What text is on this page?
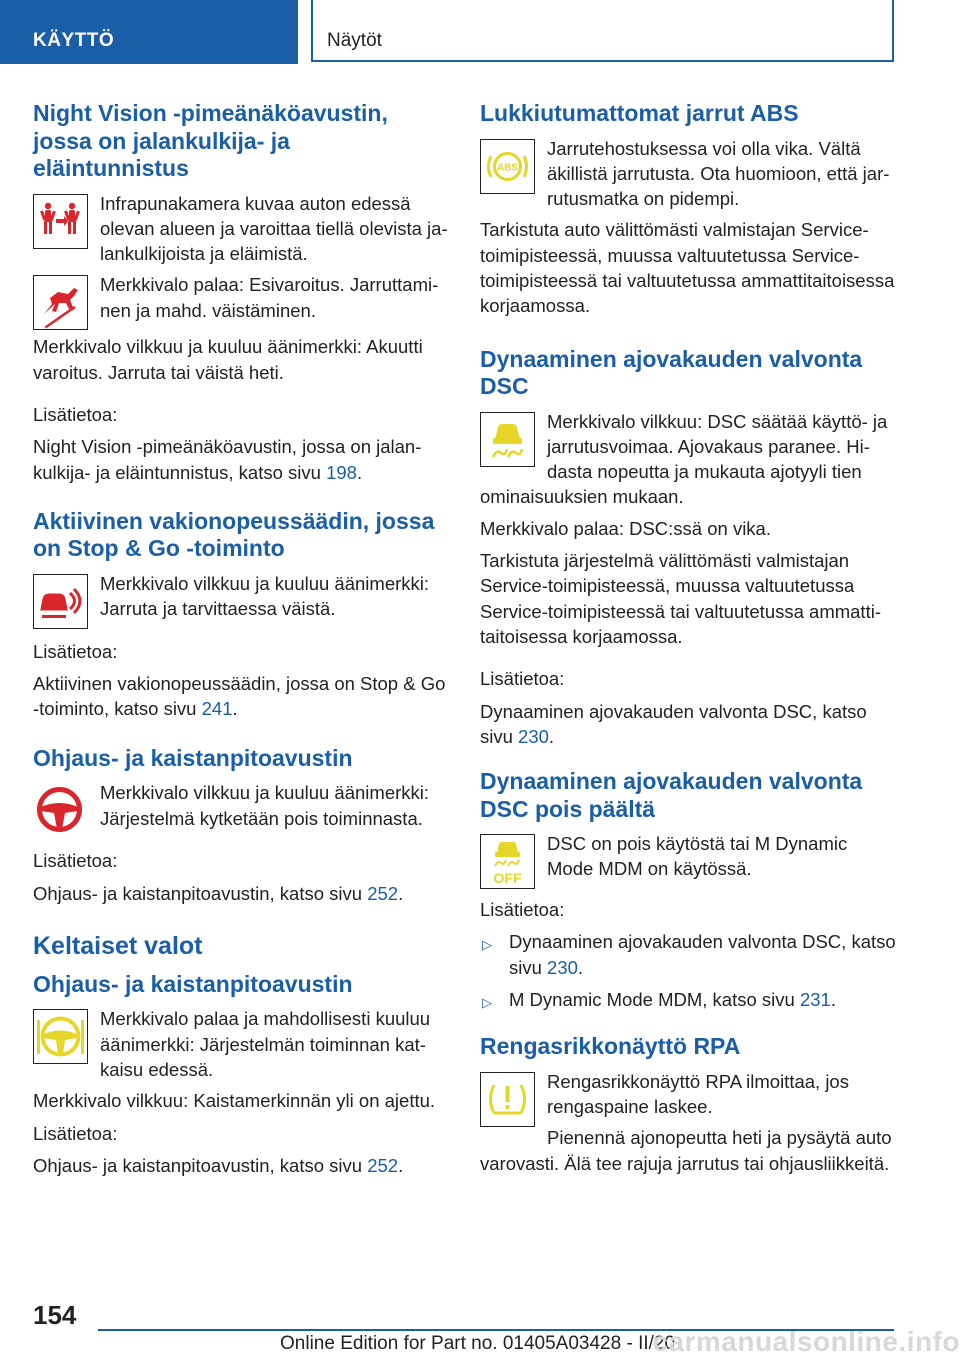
KÄYTTÖ	Näytöt
Night Vision -pimeänäköavustin, jossa on jalankulkija- ja eläintunnistus
Infrapunakamera kuvaa auton edessä olevan alueen ja varoittaa tiellä olevista jalankulkijoista ja eläimistä.
Merkkivalo palaa: Esivaroitus. Jarruttaminen ja mahd. väistäminen.
Merkkivalo vilkkuu ja kuuluu äänimerkki: Akuutti varoitus. Jarruta tai väistä heti.
Lisätietoa:
Night Vision -pimeänäköavustin, jossa on jalankulkija- ja eläintunnistus, katso sivu 198.
Aktiivinen vakionopeussäädin, jossa on Stop & Go -toiminto
Merkkivalo vilkkuu ja kuuluu äänimerkki: Jarruta ja tarvittaessa väistä.
Lisätietoa:
Aktiivinen vakionopeussäädin, jossa on Stop & Go -toiminto, katso sivu 241.
Ohjaus- ja kaistanpitoavustin
Merkkivalo vilkkuu ja kuuluu äänimerkki: Järjestelmä kytketään pois toiminnasta.
Lisätietoa:
Ohjaus- ja kaistanpitoavustin, katso sivu 252.
Keltaiset valot
Ohjaus- ja kaistanpitoavustin
Merkkivalo palaa ja mahdollisesti kuuluu äänimerkki: Järjestelmän toiminnan katkaisu edessä.
Merkkivalo vilkkuu: Kaistamerkinnän yli on ajettu.
Lisätietoa:
Ohjaus- ja kaistanpitoavustin, katso sivu 252.
Lukkiutumattomat jarrut ABS
ABS
Jarrutehostuksessa voi olla vika. Vältä äkillistä jarrutusta. Ota huomioon, että jarrutusmatka on pidempi.
Tarkistuta auto välittömästi valmistajan Service-toimipisteessä, muussa valtuutetussa Service-toimipisteessä tai valtuutetussa ammattitaitoisessa korjaamossa.
Dynaaminen ajovakauden valvonta DSC
Merkkivalo vilkkuu: DSC säätää käyttö- ja jarrutusvoimaa. Ajovakaus paranee. Hidasta nopeutta ja mukauta ajotyyli tien ominaisuuksien mukaan.
Merkkivalo palaa: DSC:ssä on vika.
Tarkistuta järjestelmä välittömästi valmistajan Service-toimipisteessä, muussa valtuutetussa Service-toimipisteessä tai valtuutetussa ammattitaitoisessa korjaamossa.
Lisätietoa:
Dynaaminen ajovakauden valvonta DSC, katso sivu 230.
Dynaaminen ajovakauden valvonta DSC pois päältä
OFF
DSC on pois käytöstä tai M Dynamic Mode MDM on käytössä.
Lisätietoa:
▷ Dynaaminen ajovakauden valvonta DSC, katso sivu 230.
▷ M Dynamic Mode MDM, katso sivu 231.
Rengasrikkonäyttö RPA
Rengasrikkonäyttö RPA ilmoittaa, jos rengaspaine laskee.
Pienennä ajonopeutta heti ja pysäytä auto varovasti. Älä tee rajuja jarrutus tai ohjausliikkeitä.
154
Online Edition for Part no. 01405A03428 - II/20
carmanualsonline.info
